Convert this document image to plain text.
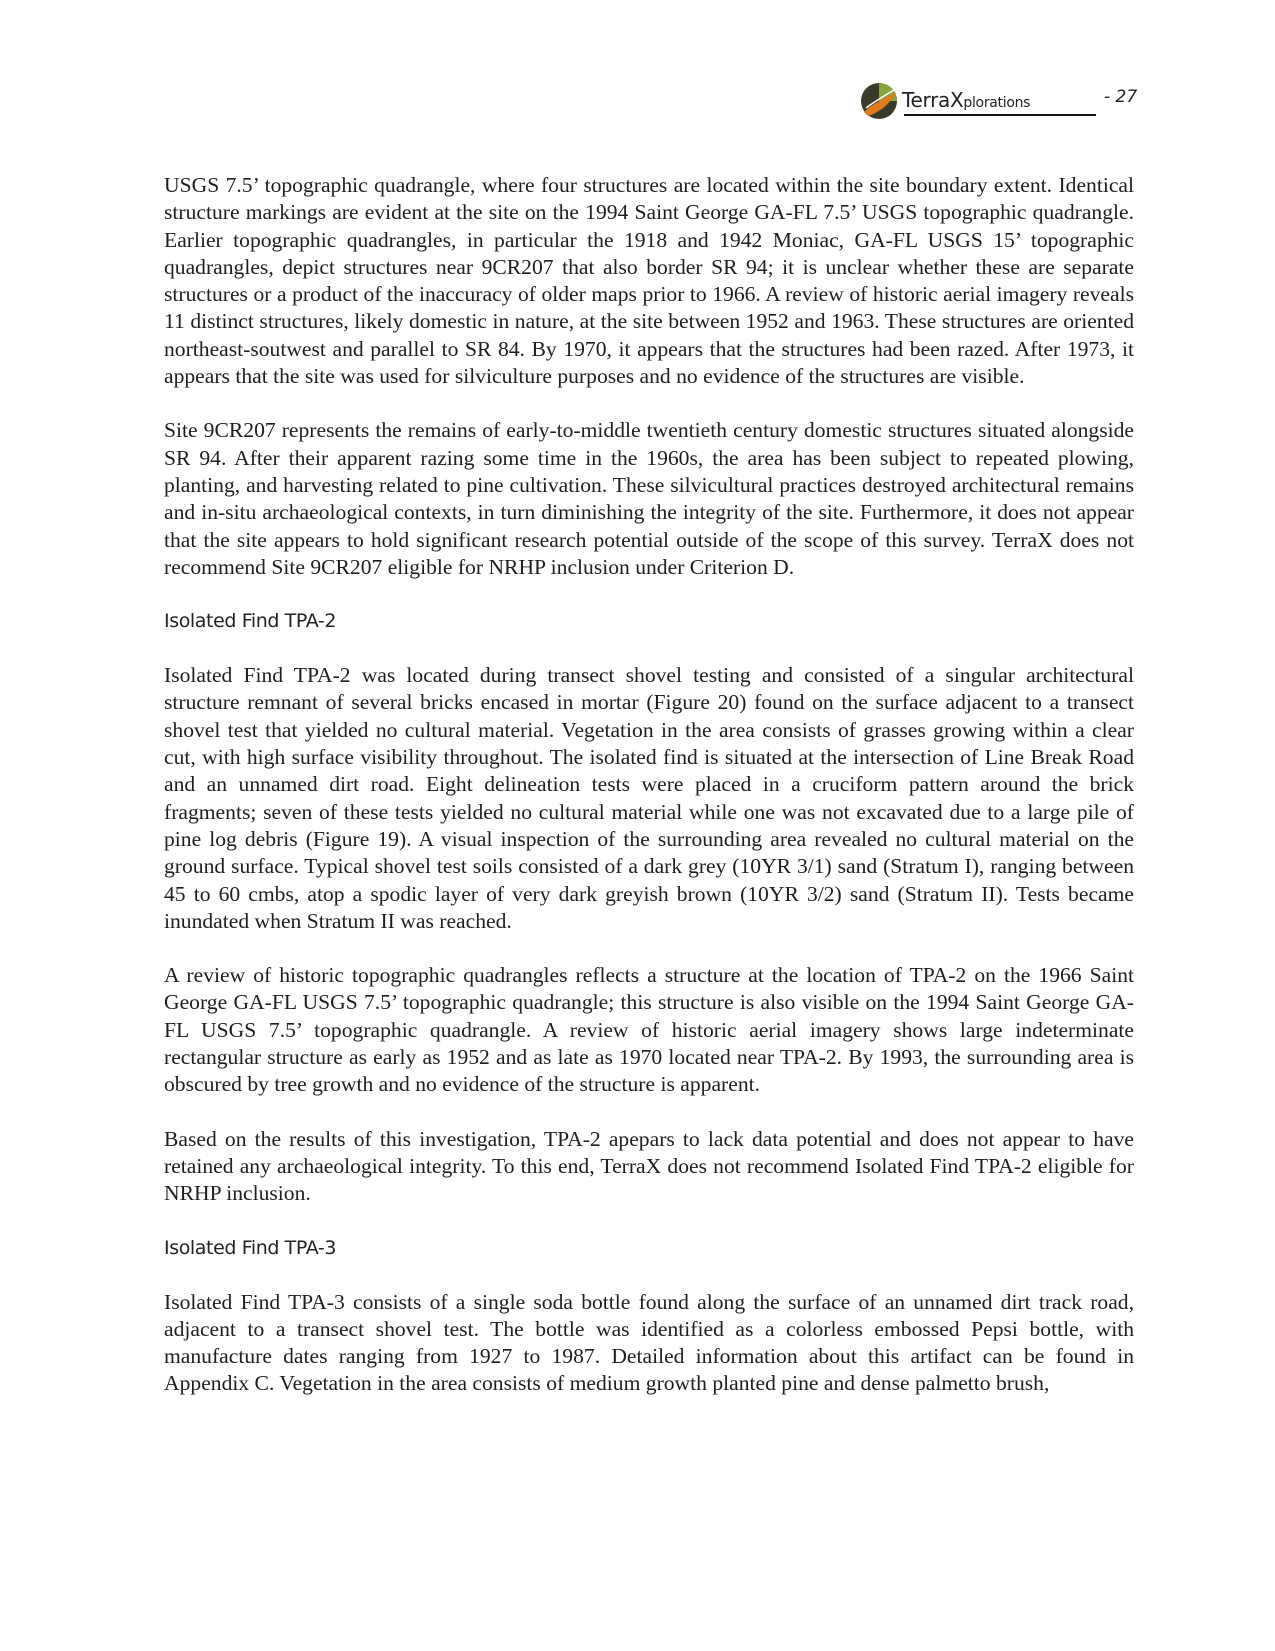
TerraXplorations	- 27

USGS 7.5’ topographic quadrangle, where four structures are located within the site boundary extent. Identical structure markings are evident at the site on the 1994 Saint George GA-FL 7.5’ USGS topographic quadrangle. Earlier topographic quadrangles, in particular the 1918 and 1942 Moniac, GA-FL USGS 15’ topographic quadrangles, depict structures near 9CR207 that also border SR 94; it is unclear whether these are separate structures or a product of the inaccuracy of older maps prior to 1966. A review of historic aerial imagery reveals 11 distinct structures, likely domestic in nature, at the site between 1952 and 1963. These structures are oriented northeast-soutwest and parallel to SR 84. By 1970, it appears that the structures had been razed. After 1973, it appears that the site was used for silviculture purposes and no evidence of the structures are visible.

Site 9CR207 represents the remains of early-to-middle twentieth century domestic structures situated alongside SR 94. After their apparent razing some time in the 1960s, the area has been subject to repeated plowing, planting, and harvesting related to pine cultivation. These silvicultural practices destroyed architectural remains and in-situ archaeological contexts, in turn diminishing the integrity of the site. Furthermore, it does not appear that the site appears to hold significant research potential outside of the scope of this survey. TerraX does not recommend Site 9CR207 eligible for NRHP inclusion under Criterion D.

Isolated Find TPA-2

Isolated Find TPA-2 was located during transect shovel testing and consisted of a singular architectural structure remnant of several bricks encased in mortar (Figure 20) found on the surface adjacent to a transect shovel test that yielded no cultural material. Vegetation in the area consists of grasses growing within a clear cut, with high surface visibility throughout. The isolated find is situated at the intersection of Line Break Road and an unnamed dirt road. Eight delineation tests were placed in a cruciform pattern around the brick fragments; seven of these tests yielded no cultural material while one was not excavated due to a large pile of pine log debris (Figure 19). A visual inspection of the surrounding area revealed no cultural material on the ground surface. Typical shovel test soils consisted of a dark grey (10YR 3/1) sand (Stratum I), ranging between 45 to 60 cmbs, atop a spodic layer of very dark greyish brown (10YR 3/2) sand (Stratum II). Tests became inundated when Stratum II was reached.

A review of historic topographic quadrangles reflects a structure at the location of TPA-2 on the 1966 Saint George GA-FL USGS 7.5’ topographic quadrangle; this structure is also visible on the 1994 Saint George GA-FL USGS 7.5’ topographic quadrangle. A review of historic aerial imagery shows large indeterminate rectangular structure as early as 1952 and as late as 1970 located near TPA-2. By 1993, the surrounding area is obscured by tree growth and no evidence of the structure is apparent.

Based on the results of this investigation, TPA-2 apepars to lack data potential and does not appear to have retained any archaeological integrity. To this end, TerraX does not recommend Isolated Find TPA-2 eligible for NRHP inclusion.

Isolated Find TPA-3

Isolated Find TPA-3 consists of a single soda bottle found along the surface of an unnamed dirt track road, adjacent to a transect shovel test. The bottle was identified as a colorless embossed Pepsi bottle, with manufacture dates ranging from 1927 to 1987. Detailed information about this artifact can be found in Appendix C. Vegetation in the area consists of medium growth planted pine and dense palmetto brush,
